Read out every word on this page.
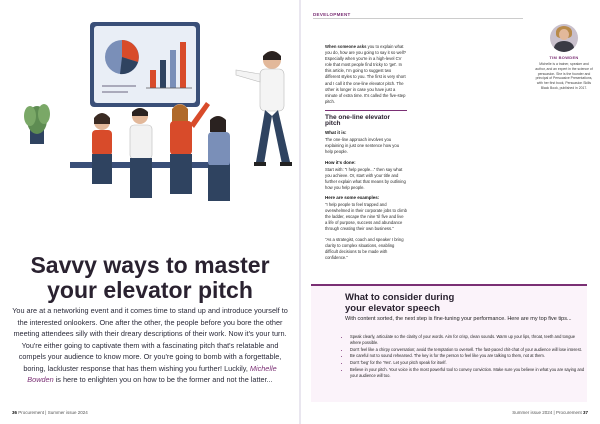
Savvy ways to master
your elevator pitch

You are at a networking event and it comes time to stand up and introduce yourself to the interested onlookers. One after the other, the people before you bore the other meeting attendees silly with their dreary descriptions of their work. Now it's your turn. You're either going to captivate them with a fascinating pitch that's relatable and compels your audience to know more. Or you're going to bomb with a forgettable, boring, lackluster response that has them wishing you further! Luckily, Michelle Bowden is here to enlighten you on how to be the former and not the latter...

36 Procurement | Summer issue 2024
DEVELOPMENT
TIM BOWDEN
Michelle is a trainer, speaker and author, and an expert in the science of persuasion. She is the founder and principal of Persuasive Presentations, with her first book, Persuasion Skills Black Book, published in 2017.
What to consider during
your elevator speech

With content sorted, the next step is fine-tuning your performance. Here are my top five tips...

• Speak clearly, articulate so the clarity of your words. Aim for crisp, clean sounds. Warm up your lips, throat, teeth and tongue where possible.
• Don't feel like a chirpy conversation; avoid the temptation to oversell. The fast-paced chit-chat of your audience will lose interest.
• Be careful not to sound rehearsed. The key is for the person to feel like you are talking to them, not at them.
• Don't 'beg' for the 'Yes'. Let your pitch speak for itself.
• Believe in your pitch. Your voice is the most powerful tool to convey conviction. Make sure you believe in what you are saying and your audience will too.
Summer issue 2024 | Procurement 37

When someone asks you to explain what you do, how are you going to say it so well? Especially when you're in a high-level CV role that most people find tricky to 'get'. In this article, I'm going to suggest two different styles to you. The first is very short and I call it the one-line elevator pitch. The other is longer in case you have just a minute of extra time. It's called the five-step pitch.

The one-line elevator pitch
What it is:

The one-line approach involves you explaining in just one sentence how you help people.

How it's done:

Start with: "I help people..." then say what you achieve. Or, start with your title and further explain what that means by outlining how you help people.

Here are some examples:

"I help people to feel trapped and overwhelmed in their corporate jobs to climb the ladder, escape the nine 'til five and live a life of purpose, success and abundance through creating their own business."

"As a strategist, coach and speaker I bring clarity to complex situations, enabling difficult decisions to be made with confidence."
